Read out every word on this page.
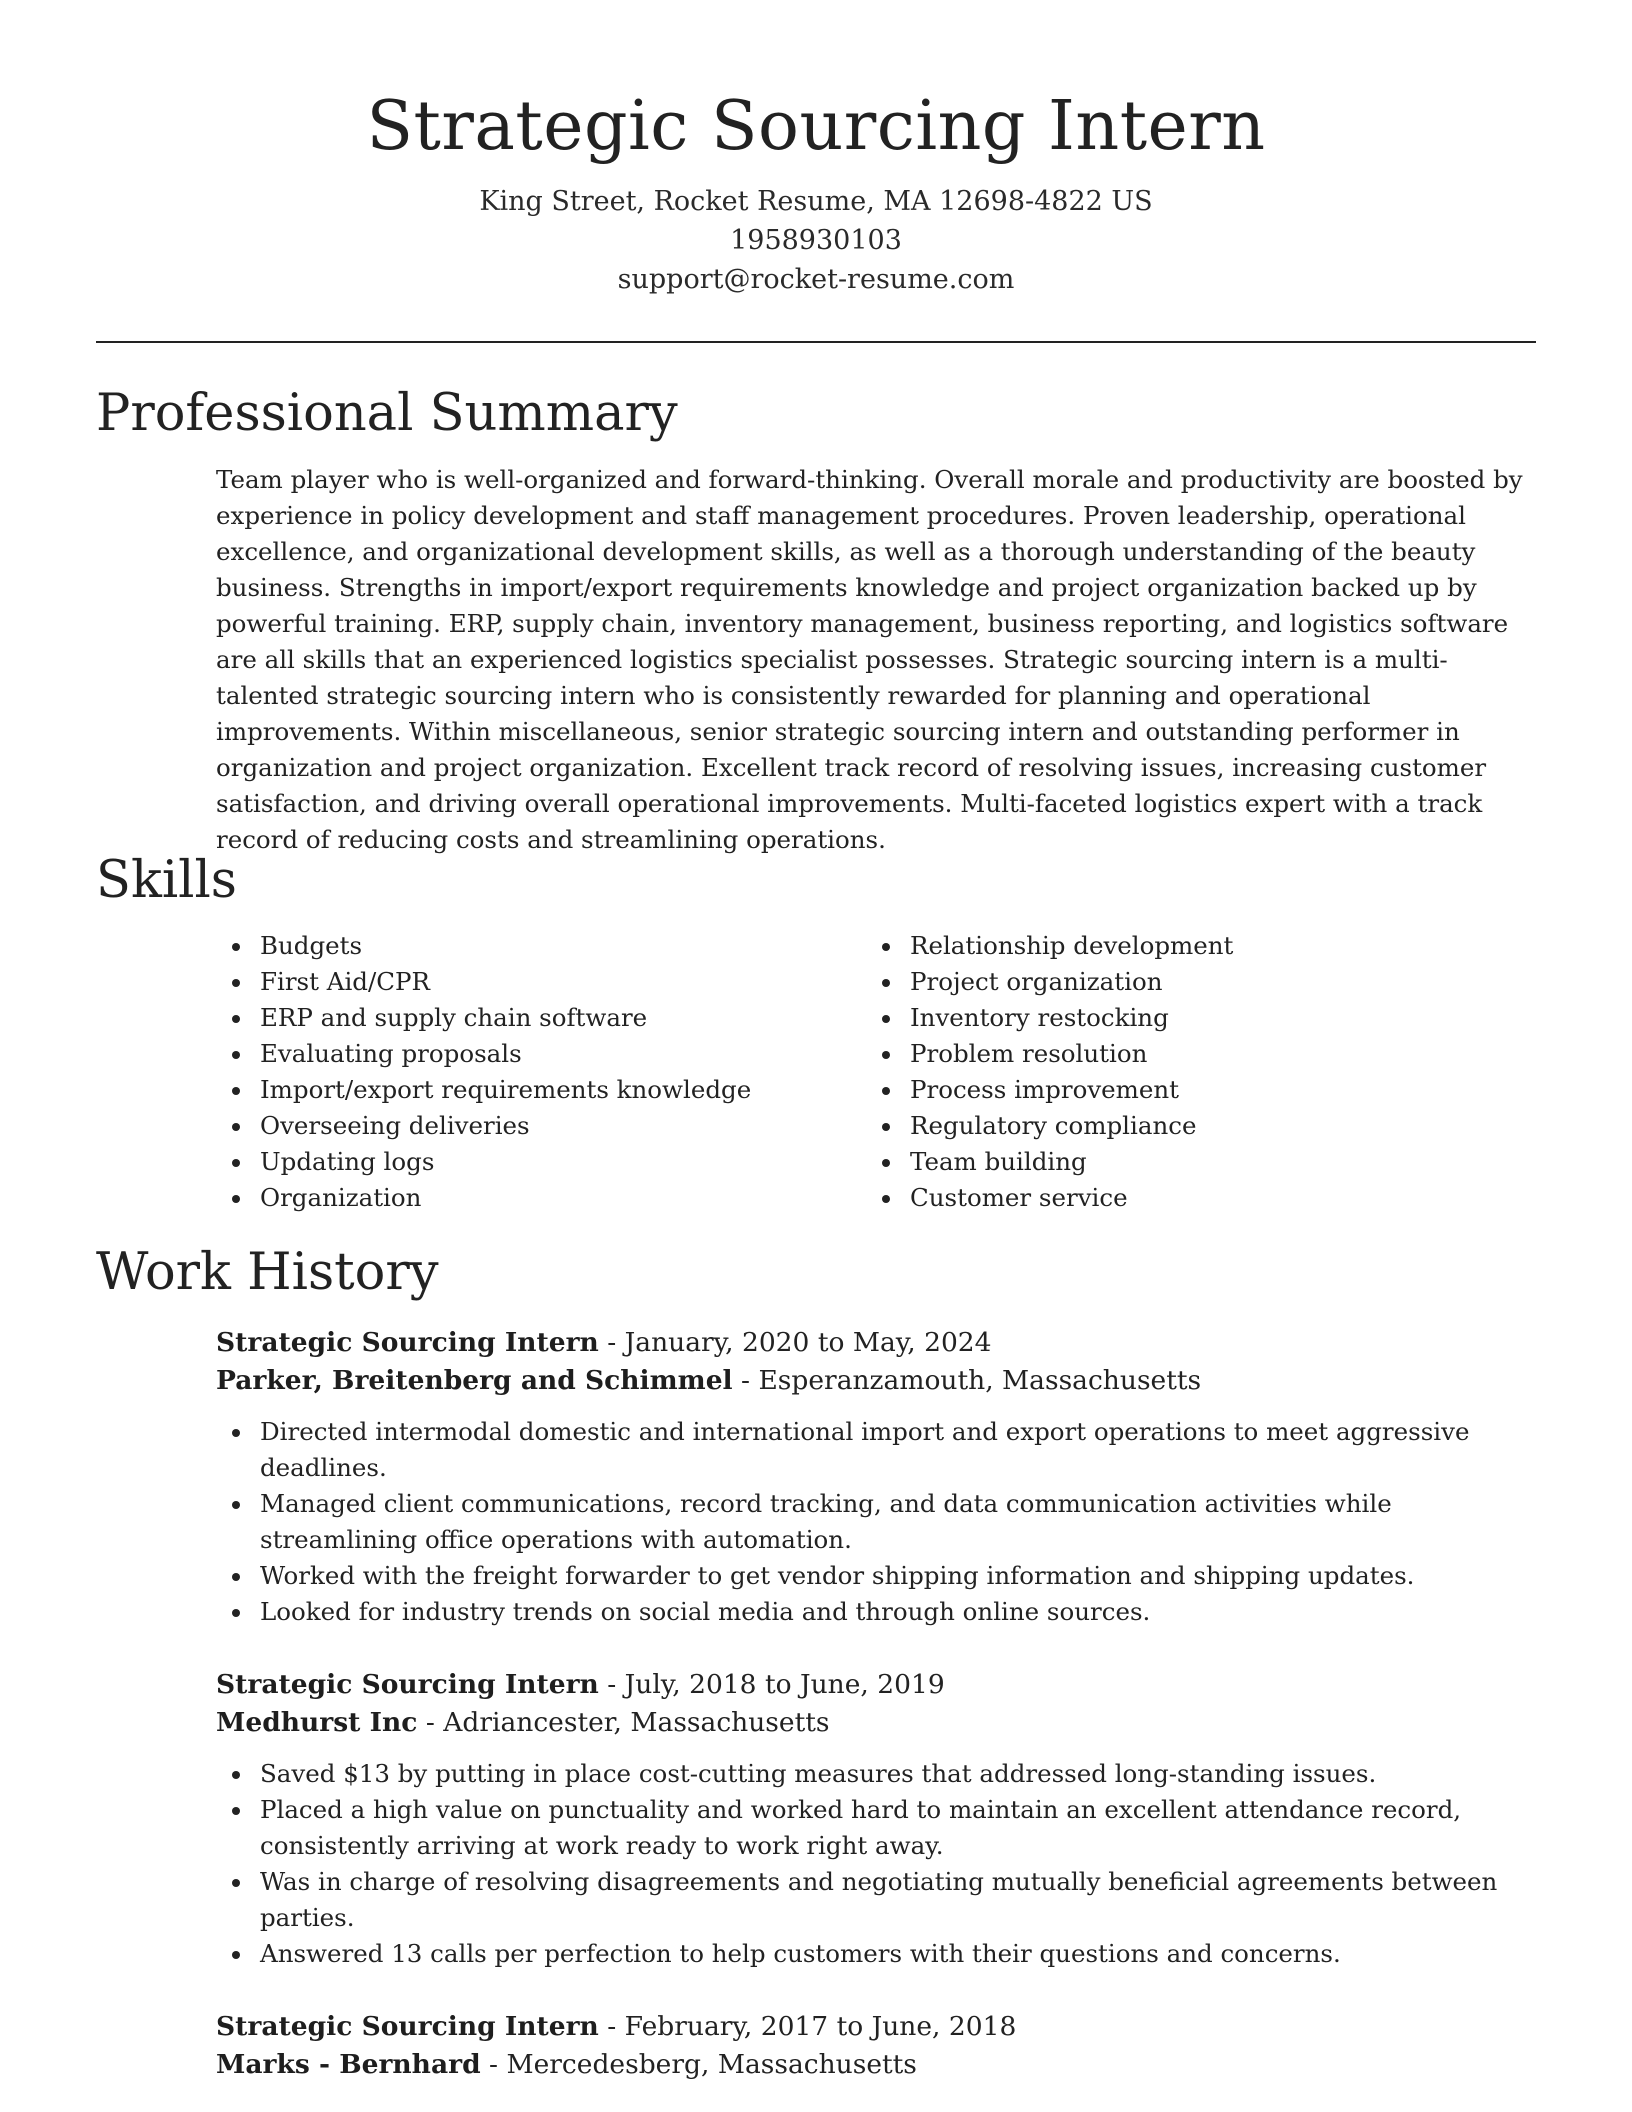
Strategic Sourcing Intern
King Street, Rocket Resume, MA 12698-4822 US
1958930103
support@rocket-resume.com
Professional Summary

Team player who is well-organized and forward-thinking. Overall morale and productivity are boosted by experience in policy development and staff management procedures. Proven leadership, operational excellence, and organizational development skills, as well as a thorough understanding of the beauty business. Strengths in import/export requirements knowledge and project organization backed up by powerful training. ERP, supply chain, inventory management, business reporting, and logistics software are all skills that an experienced logistics specialist possesses. Strategic sourcing intern is a multi-talented strategic sourcing intern who is consistently rewarded for planning and operational improvements. Within miscellaneous, senior strategic sourcing intern and outstanding performer in organization and project organization. Excellent track record of resolving issues, increasing customer satisfaction, and driving overall operational improvements. Multi-faceted logistics expert with a track record of reducing costs and streamlining operations.

Skills
Budgets
First Aid/CPR
ERP and supply chain software
Evaluating proposals
Import/export requirements knowledge
Overseeing deliveries
Updating logs
Organization
Relationship development
Project organization
Inventory restocking
Problem resolution
Process improvement
Regulatory compliance
Team building
Customer service
Work History
Strategic Sourcing Intern - January, 2020 to May, 2024
Parker, Breitenberg and Schimmel - Esperanzamouth, Massachusetts
Directed intermodal domestic and international import and export operations to meet aggressive deadlines.
Managed client communications, record tracking, and data communication activities while streamlining office operations with automation.
Worked with the freight forwarder to get vendor shipping information and shipping updates.
Looked for industry trends on social media and through online sources.
Strategic Sourcing Intern - July, 2018 to June, 2019
Medhurst Inc - Adriancester, Massachusetts
Saved $13 by putting in place cost-cutting measures that addressed long-standing issues.
Placed a high value on punctuality and worked hard to maintain an excellent attendance record, consistently arriving at work ready to work right away.
Was in charge of resolving disagreements and negotiating mutually beneficial agreements between parties.
Answered 13 calls per perfection to help customers with their questions and concerns.
Strategic Sourcing Intern - February, 2017 to June, 2018
Marks - Bernhard - Mercedesberg, Massachusetts
